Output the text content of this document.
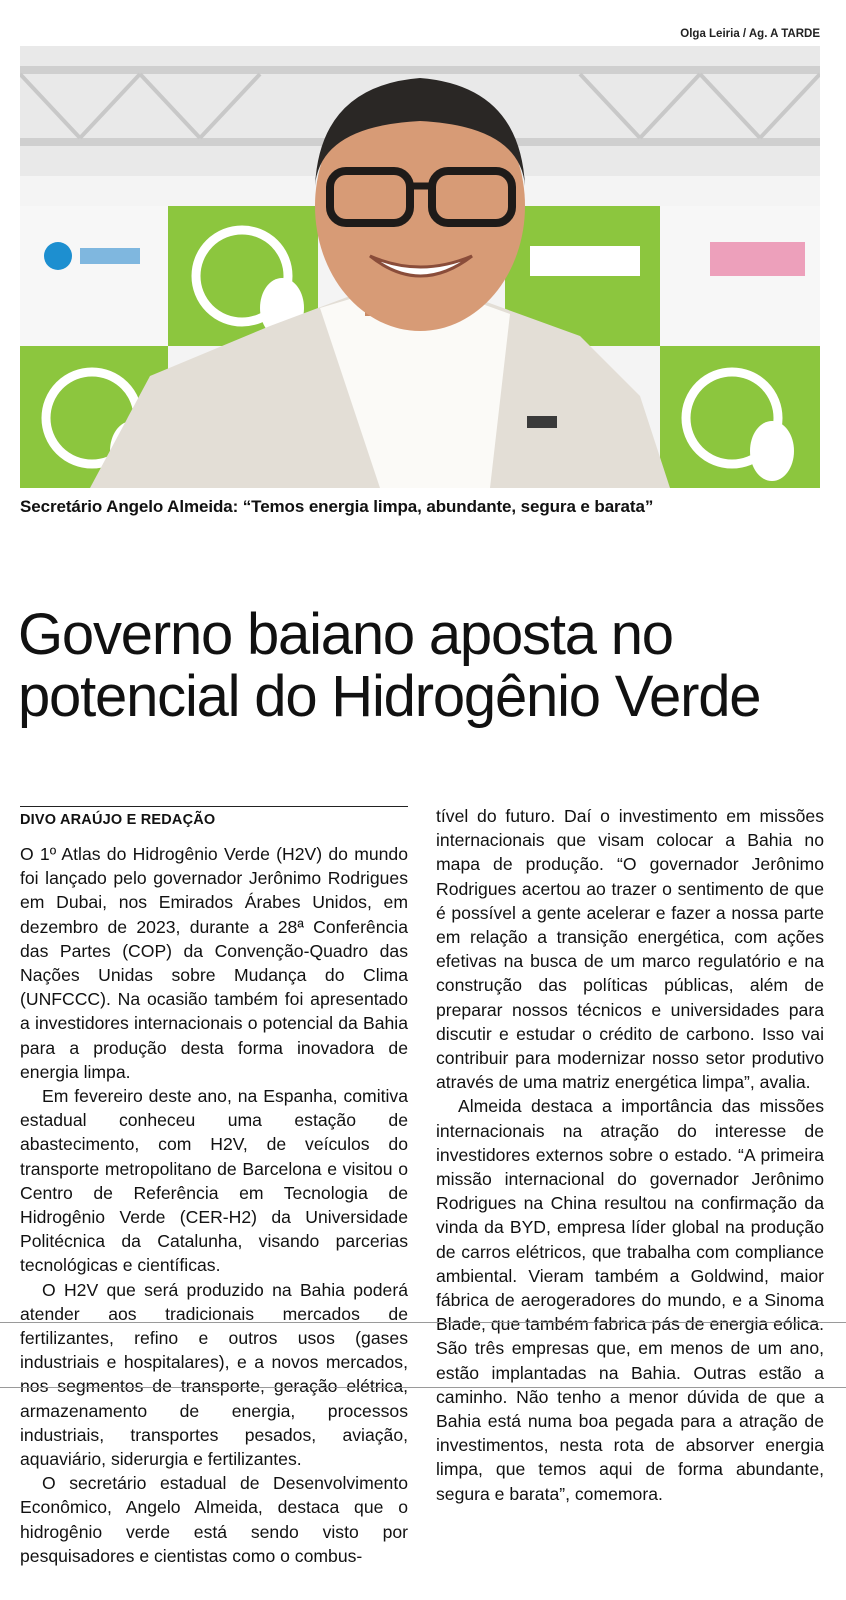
Olga Leiria / Ag. A TARDE
Secretário Angelo Almeida: “Temos energia limpa, abundante, segura e barata”
Governo baiano aposta no potencial do Hidrogênio Verde
DIVO ARAÚJO E REDAÇÃO

O 1º Atlas do Hidrogênio Verde (H2V) do mundo foi lançado pelo governador Jerônimo Rodrigues em Dubai, nos Emirados Árabes Unidos, em dezembro de 2023, durante a 28ª Conferência das Partes (COP) da Convenção-Quadro das Nações Unidas sobre Mudança do Clima (UNFCCC). Na ocasião também foi apresentado a investidores internacionais o potencial da Bahia para a produção desta forma inovadora de energia limpa.

Em fevereiro deste ano, na Espanha, comitiva estadual conheceu uma estação de abastecimento, com H2V, de veículos do transporte metropolitano de Barcelona e visitou o Centro de Referência em Tecnologia de Hidrogênio Verde (CER-H2) da Universidade Politécnica da Catalunha, visando parcerias tecnológicas e científicas.

O H2V que será produzido na Bahia poderá atender aos tradicionais mercados de fertilizantes, refino e outros usos (gases industriais e hospitalares), e a novos mercados, nos segmentos de transporte, geração elétrica, armazenamento de energia, processos industriais, transportes pesados, aviação, aquaviário, siderurgia e fertilizantes.

O secretário estadual de Desenvolvimento Econômico, Angelo Almeida, destaca que o hidrogênio verde está sendo visto por pesquisadores e cientistas como o combus-

tível do futuro. Daí o investimento em missões internacionais que visam colocar a Bahia no mapa de produção. “O governador Jerônimo Rodrigues acertou ao trazer o sentimento de que é possível a gente acelerar e fazer a nossa parte em relação a transição energética, com ações efetivas na busca de um marco regulatório e na construção das políticas públicas, além de preparar nossos técnicos e universidades para discutir e estudar o crédito de carbono. Isso vai contribuir para modernizar nosso setor produtivo através de uma matriz energética limpa”, avalia.

Almeida destaca a importância das missões internacionais na atração do interesse de investidores externos sobre o estado. “A primeira missão internacional do governador Jerônimo Rodrigues na China resultou na confirmação da vinda da BYD, empresa líder global na produção de carros elétricos, que trabalha com compliance ambiental. Vieram também a Goldwind, maior fábrica de aerogeradores do mundo, e a Sinoma Blade, que também fabrica pás de energia eólica. São três empresas que, em menos de um ano, estão implantadas na Bahia. Outras estão a caminho. Não tenho a menor dúvida de que a Bahia está numa boa pegada para a atração de investimentos, nesta rota de absorver energia limpa, que temos aqui de forma abundante, segura e barata”, comemora.
